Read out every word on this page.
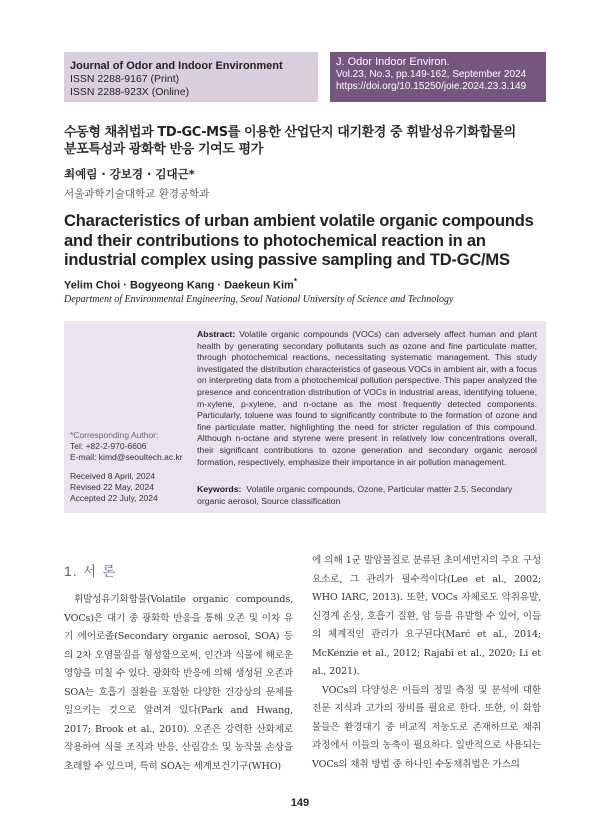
Journal of Odor and Indoor Environment
ISSN 2288-9167 (Print)
ISSN 2288-923X (Online)
J. Odor Indoor Environ.
Vol.23, No.3, pp.149-162, September 2024
https://doi.org/10.15250/joie.2024.23.3.149
수동형 채취법과 TD-GC-MS를 이용한 산업단지 대기환경 중 휘발성유기화합물의
분포특성과 광화학 반응 기여도 평가
최예림 · 강보경 · 김대근*
서울과학기술대학교 환경공학과
Characteristics of urban ambient volatile organic compounds
and their contributions to photochemical reaction in an
industrial complex using passive sampling and TD-GC/MS
Yelim Choi · Bogyeong Kang · Daekeun Kim*
Department of Environmental Engineering, Seoul National University of Science and Technology
*Corresponding Author:
Tel: +82-2-970-6606
E-mail: kimd@seoultech.ac.kr
Received 8 April, 2024
Revised 22 May, 2024
Accepted 22 July, 2024
Abstract: Volatile organic compounds (VOCs) can adversely affect human and plant health by generating secondary pollutants such as ozone and fine particulate matter, through photochemical reactions, necessitating systematic management. This study investigated the distribution characteristics of gaseous VOCs in ambient air, with a focus on interpreting data from a photochemical pollution perspective. This paper analyzed the presence and concentration distribution of VOCs in industrial areas, identifying toluene, m-xylene, p-xylene, and n-octane as the most frequently detected components. Particularly, toluene was found to significantly contribute to the formation of ozone and fine particulate matter, highlighting the need for stricter regulation of this compound. Although n-octane and styrene were present in relatively low concentrations overall, their significant contributions to ozone generation and secondary organic aerosol formation, respectively, emphasize their importance in air pollution management.
Keywords: Volatile organic compounds, Ozone, Particular matter 2.5, Secondary organic aerosol, Source classification
1. 서 론

휘발성유기화합물(Volatile organic compounds, VOCs)은 대기 중 광화학 반응을 통해 오존 및 이차 유기 에어로졸(Secondary organic aerosol, SOA) 등의 2차 오염물질을 형성함으로써, 인간과 식물에 해로운 영향을 미칠 수 있다. 광화학 반응에 의해 생성된 오존과 SOA는 호흡기 질환을 포함한 다양한 건강상의 문제를 일으키는 것으로 알려져 있다(Park and Hwang, 2017; Brook et al., 2010). 오존은 강력한 산화제로 작용하여 식물 조직과 반응, 산림감소 및 농작물 손상을 초래할 수 있으며, 특히 SOA는 세계보건기구(WHO)

에 의해 1군 발암물질로 분류된 초미세먼지의 주요 구성 요소로, 그 관리가 필수적이다(Lee et al., 2002; WHO IARC, 2013). 또한, VOCs 자체로도 악취유발, 신경계 손상, 호흡기 질환, 암 등을 유발할 수 있어, 이들의 체계적인 관리가 요구된다(Marć et al., 2014; McKenzie et al., 2012; Rajabi et al., 2020; Li et al., 2021).

VOCs의 다양성은 이들의 정밀 측정 및 분석에 대한 전문 지식과 고가의 장비를 필요로 한다. 또한, 이 화합물들은 환경대기 중 비교적 저농도로 존재하므로 채취 과정에서 이들의 농축이 필요하다. 일반적으로 사용되는 VOCs의 채취 방법 중 하나인 수동채취법은 가스의

149
